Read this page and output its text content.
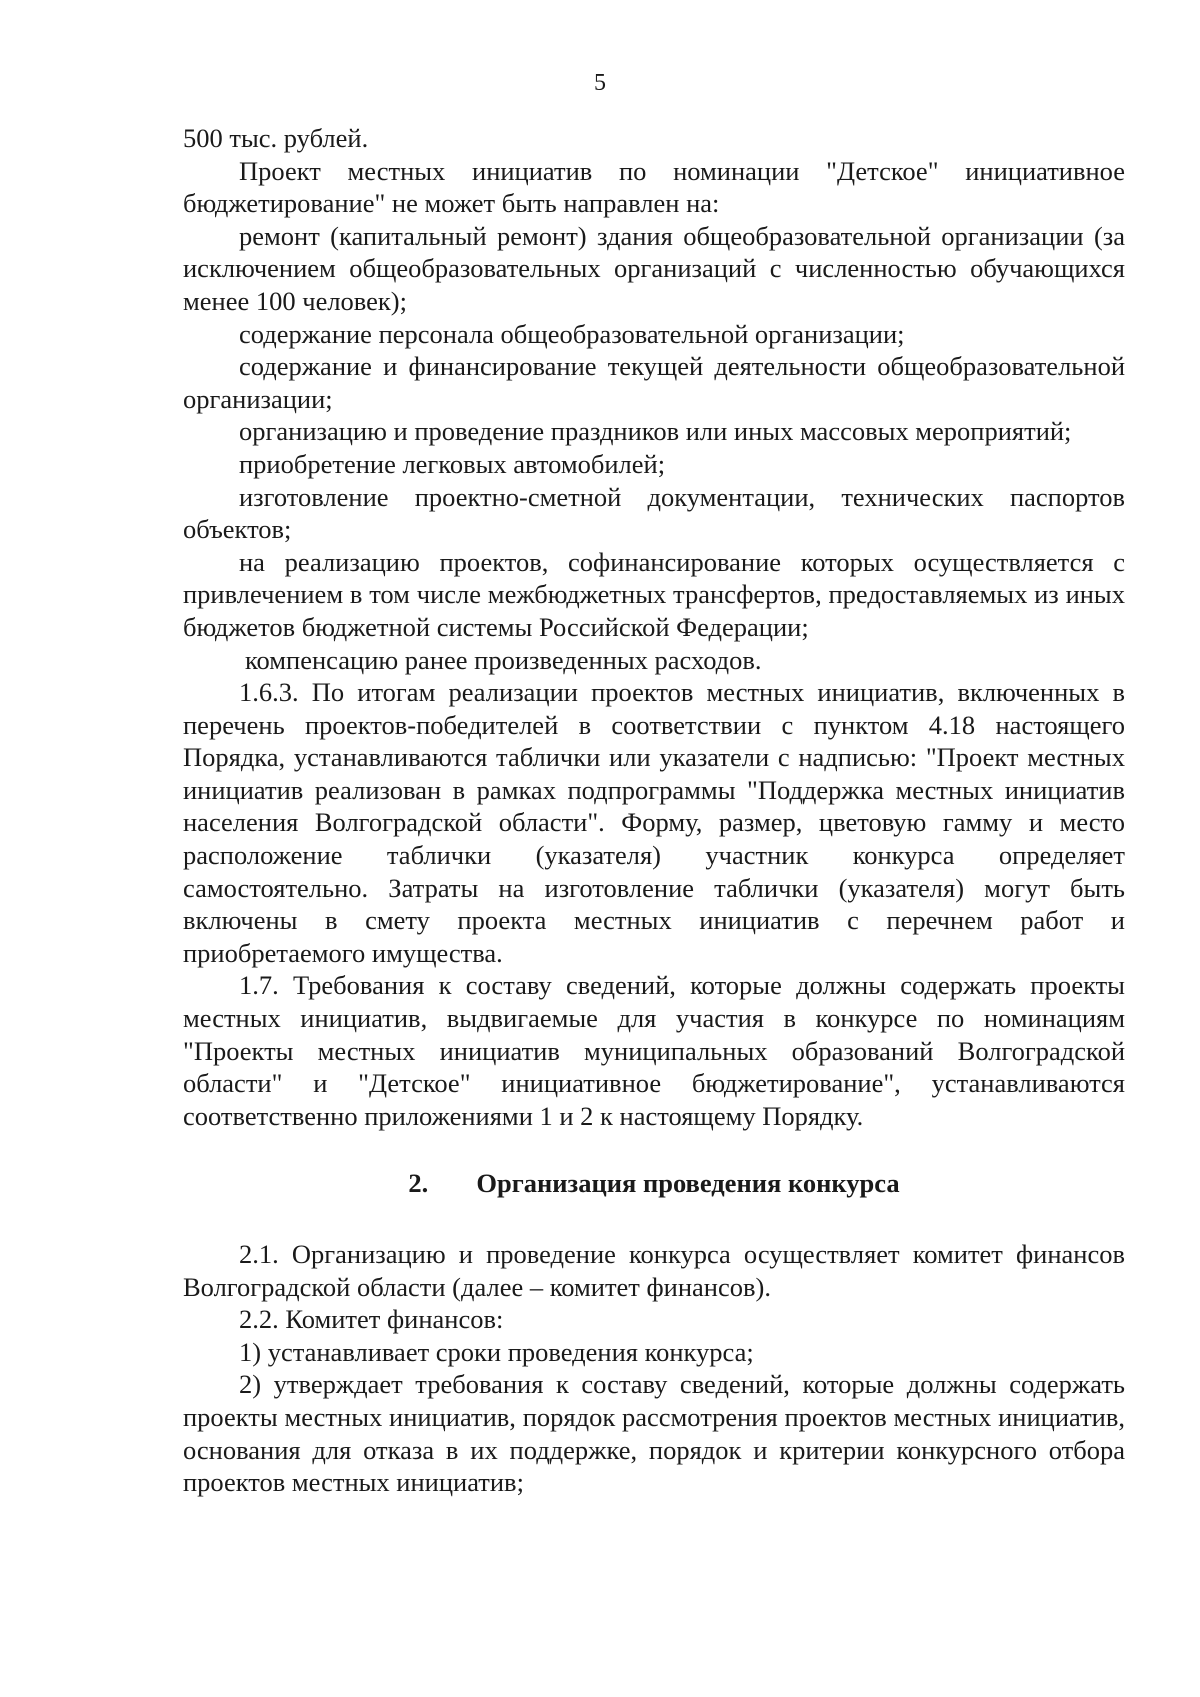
5

500 тыс. рублей.

Проект местных инициатив по номинации "Детское" инициативное бюджетирование" не может быть направлен на:

ремонт (капитальный ремонт) здания общеобразовательной организации (за исключением общеобразовательных организаций с численностью обучающихся менее 100 человек);

содержание персонала общеобразовательной организации;

содержание и финансирование текущей деятельности общеобразовательной организации;

организацию и проведение праздников или иных массовых мероприятий;

приобретение легковых автомобилей;

изготовление проектно-сметной документации, технических паспортов объектов;

на реализацию проектов, софинансирование которых осуществляется с привлечением в том числе межбюджетных трансфертов, предоставляемых из иных бюджетов бюджетной системы Российской Федерации;

компенсацию ранее произведенных расходов.

1.6.3. По итогам реализации проектов местных инициатив, включенных в перечень проектов-победителей в соответствии с пунктом 4.18 настоящего Порядка, устанавливаются таблички или указатели с надписью: "Проект местных инициатив реализован в рамках подпрограммы "Поддержка местных инициатив населения Волгоградской области". Форму, размер, цветовую гамму и место расположение таблички (указателя) участник конкурса определяет самостоятельно. Затраты на изготовление таблички (указателя) могут быть включены в смету проекта местных инициатив с перечнем работ и приобретаемого имущества.

1.7. Требования к составу сведений, которые должны содержать проекты местных инициатив, выдвигаемые для участия в конкурсе по номинациям "Проекты местных инициатив муниципальных образований Волгоградской области" и "Детское" инициативное бюджетирование", устанавливаются соответственно приложениями 1 и 2 к настоящему Порядку.

2. Организация проведения конкурса

2.1. Организацию и проведение конкурса осуществляет комитет финансов Волгоградской области (далее – комитет финансов).

2.2. Комитет финансов:

1) устанавливает сроки проведения конкурса;

2) утверждает требования к составу сведений, которые должны содержать проекты местных инициатив, порядок рассмотрения проектов местных инициатив, основания для отказа в их поддержке, порядок и критерии конкурсного отбора проектов местных инициатив;
